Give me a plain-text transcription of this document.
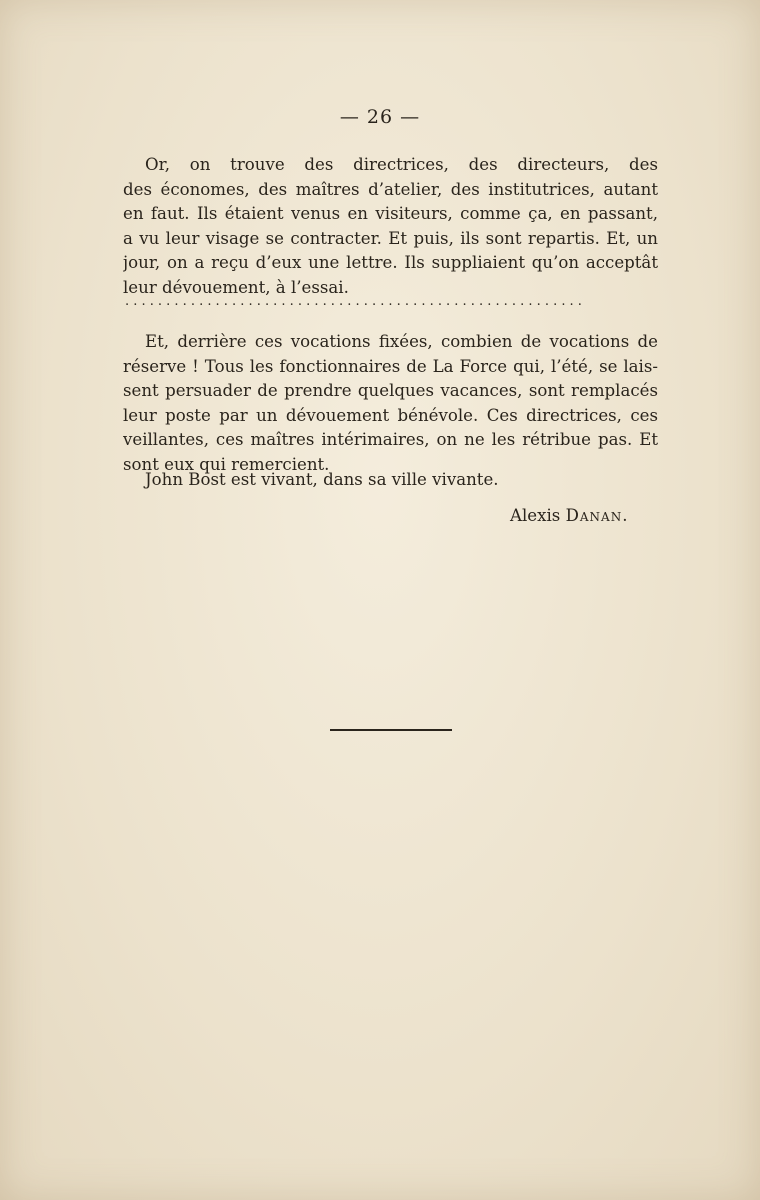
— 26 —
Or, on trouve des directrices, des directeurs, des
des économes, des maîtres d’atelier, des institutrices, autant
en faut. Ils étaient venus en visiteurs, comme ça, en passant,
a vu leur visage se contracter. Et puis, ils sont repartis. Et, un
jour, on a reçu d’eux une lettre. Ils suppliaient qu’on acceptât
leur dévouement, à l’essai.
........................................................
Et, derrière ces vocations fixées, combien de vocations de
réserve ! Tous les fonctionnaires de La Force qui, l’été, se lais-
sent persuader de prendre quelques vacances, sont remplacés
leur poste par un dévouement bénévole. Ces directrices, ces
veillantes, ces maîtres intérimaires, on ne les rétribue pas. Et
sont eux qui remercient.
John Bost est vivant, dans sa ville vivante.
Alexis Danan.
